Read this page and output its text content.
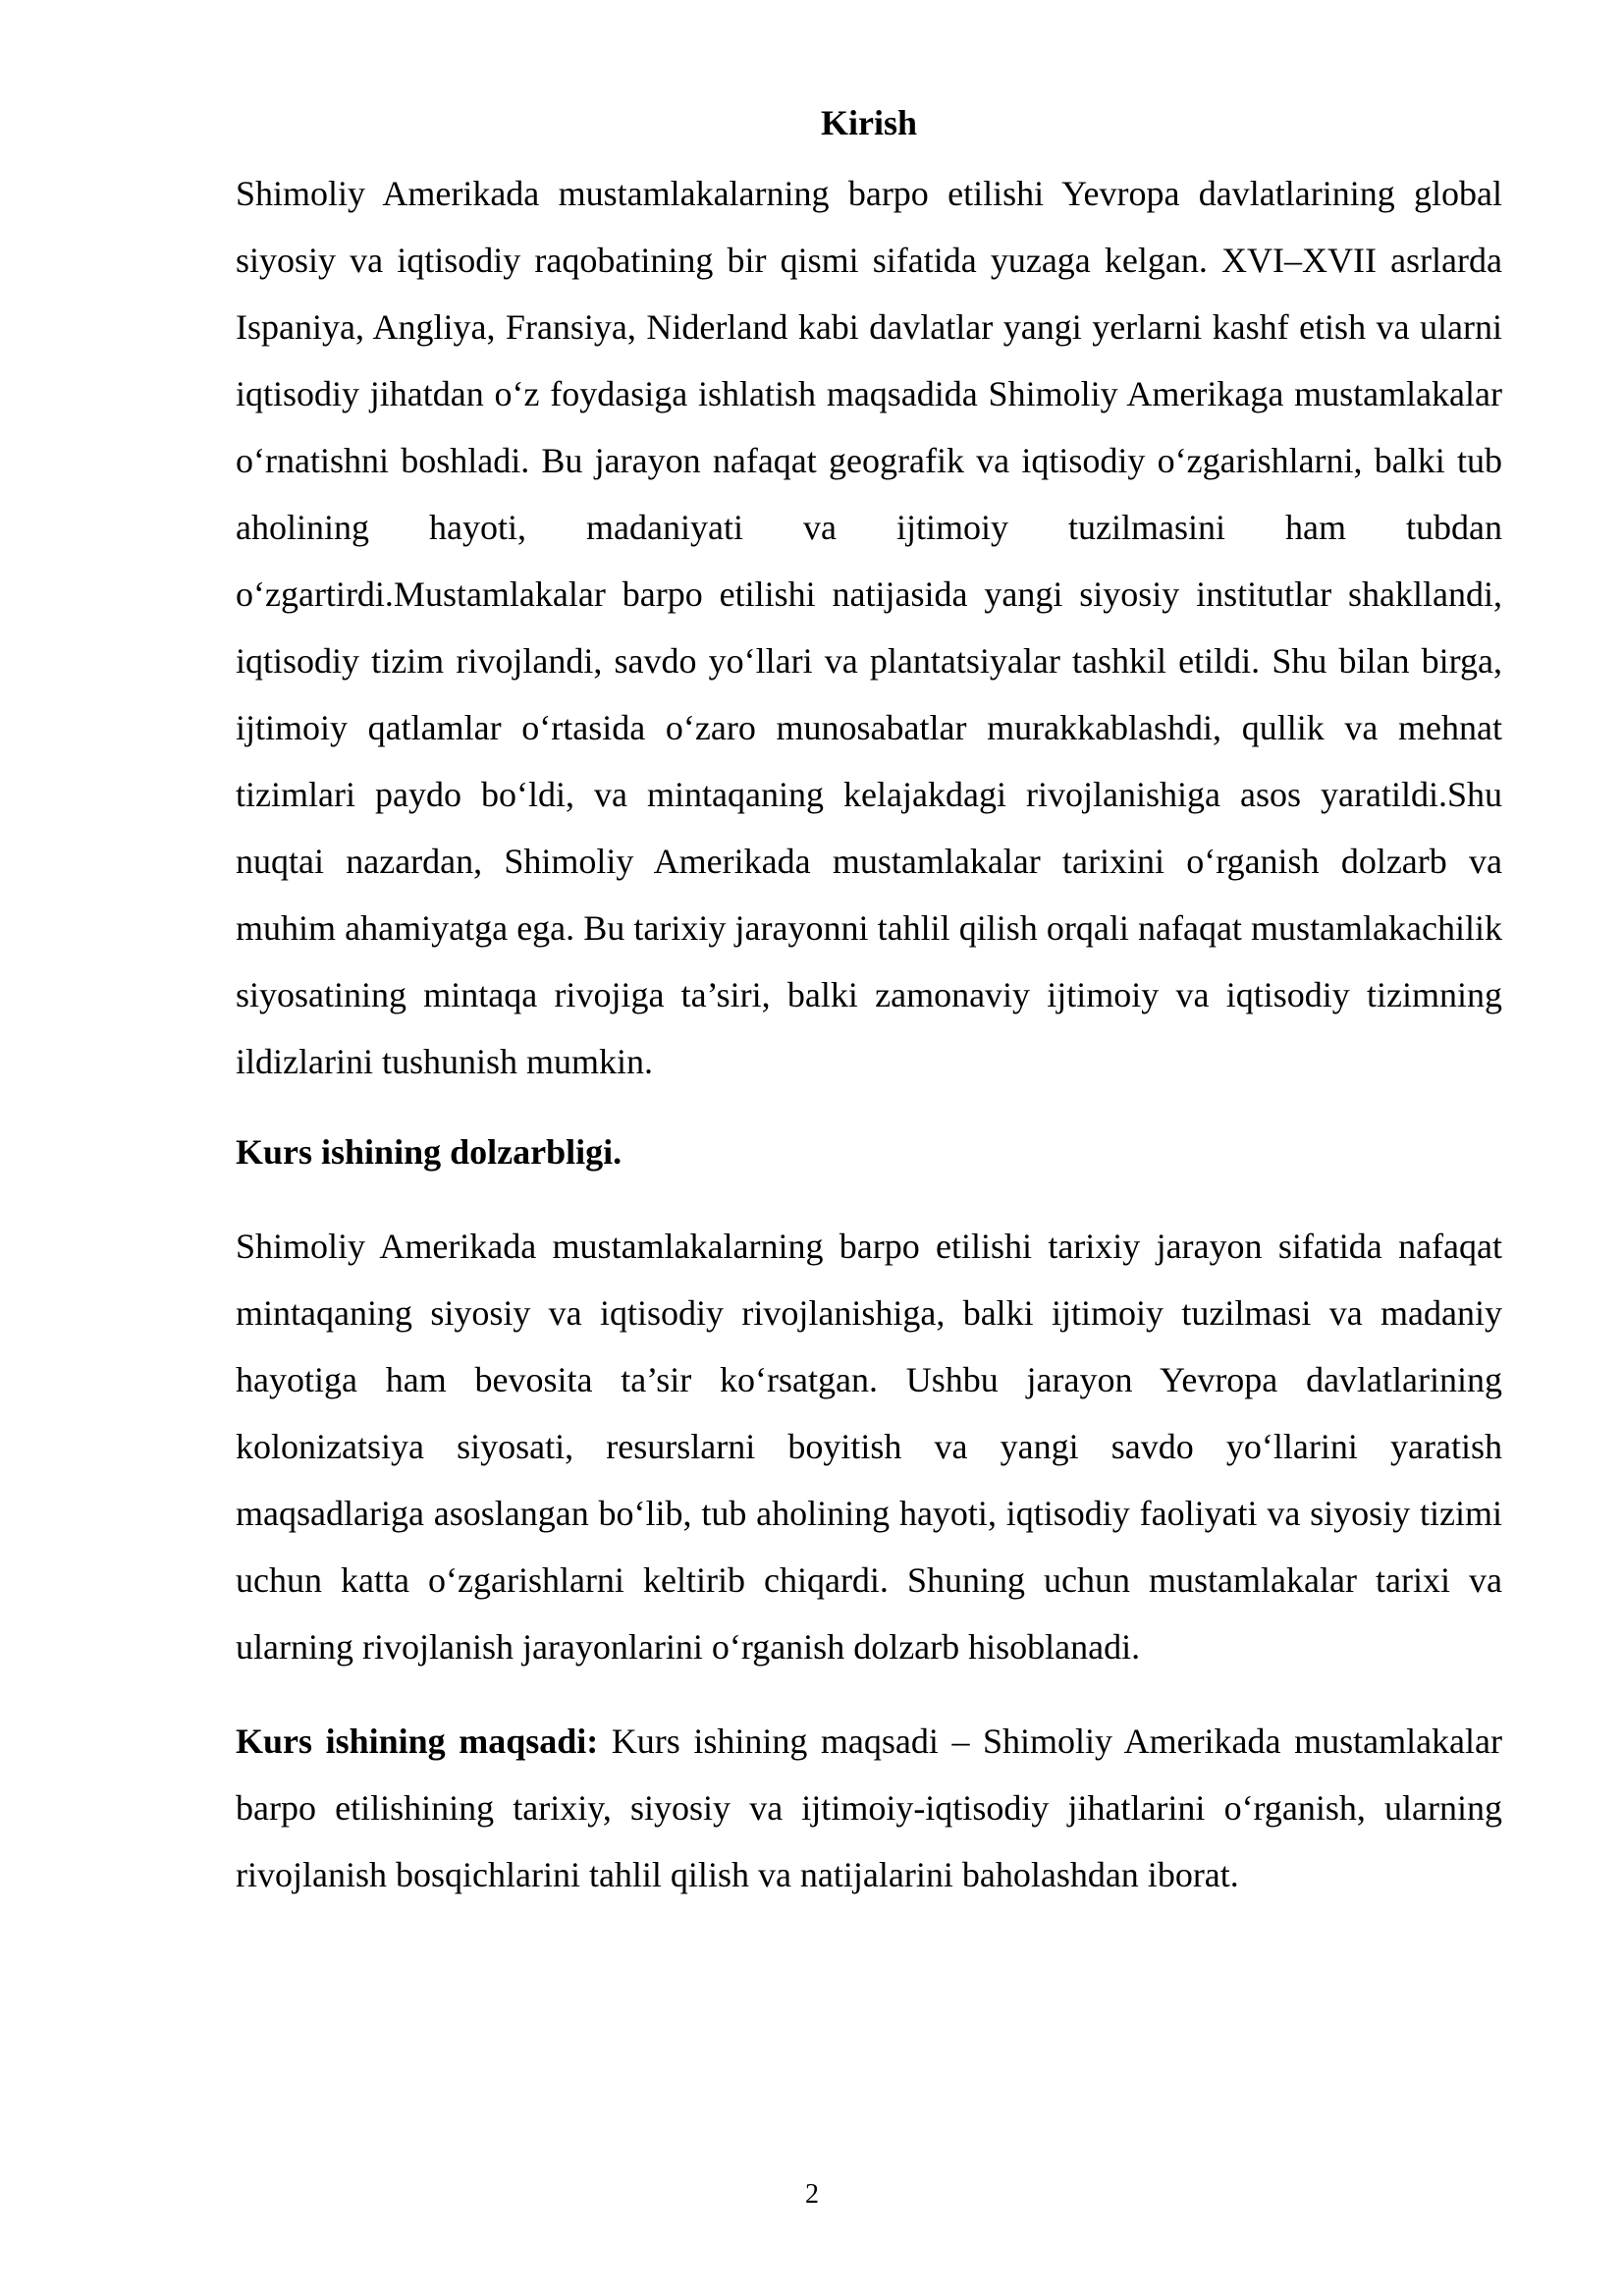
Kirish

Shimoliy Amerikada mustamlakalarning barpo etilishi Yevropa davlatlarining global siyosiy va iqtisodiy raqobatining bir qismi sifatida yuzaga kelgan. XVI–XVII asrlarda Ispaniya, Angliya, Fransiya, Niderland kabi davlatlar yangi yerlarni kashf etish va ularni iqtisodiy jihatdan o‘z foydasiga ishlatish maqsadida Shimoliy Amerikaga mustamlakalar o‘rnatishni boshladi. Bu jarayon nafaqat geografik va iqtisodiy o‘zgarishlarni, balki tub aholining hayoti, madaniyati va ijtimoiy tuzilmasini ham tubdan o‘zgartirdi.Mustamlakalar barpo etilishi natijasida yangi siyosiy institutlar shakllandi, iqtisodiy tizim rivojlandi, savdo yo‘llari va plantatsiyalar tashkil etildi. Shu bilan birga, ijtimoiy qatlamlar o‘rtasida o‘zaro munosabatlar murakkablashdi, qullik va mehnat tizimlari paydo bo‘ldi, va mintaqaning kelajakdagi rivojlanishiga asos yaratildi.Shu nuqtai nazardan, Shimoliy Amerikada mustamlakalar tarixini o‘rganish dolzarb va muhim ahamiyatga ega. Bu tarixiy jarayonni tahlil qilish orqali nafaqat mustamlakachilik siyosatining mintaqa rivojiga ta’siri, balki zamonaviy ijtimoiy va iqtisodiy tizimning ildizlarini tushunish mumkin.

Kurs ishining dolzarbligi.

Shimoliy Amerikada mustamlakalarning barpo etilishi tarixiy jarayon sifatida nafaqat mintaqaning siyosiy va iqtisodiy rivojlanishiga, balki ijtimoiy tuzilmasi va madaniy hayotiga ham bevosita ta’sir ko‘rsatgan. Ushbu jarayon Yevropa davlatlarining kolonizatsiya siyosati, resurslarni boyitish va yangi savdo yo‘llarini yaratish maqsadlariga asoslangan bo‘lib, tub aholining hayoti, iqtisodiy faoliyati va siyosiy tizimi uchun katta o‘zgarishlarni keltirib chiqardi. Shuning uchun mustamlakalar tarixi va ularning rivojlanish jarayonlarini o‘rganish dolzarb hisoblanadi.

Kurs ishining maqsadi: Kurs ishining maqsadi – Shimoliy Amerikada mustamlakalar barpo etilishining tarixiy, siyosiy va ijtimoiy-iqtisodiy jihatlarini o‘rganish, ularning rivojlanish bosqichlarini tahlil qilish va natijalarini baholashdan iborat.

2
